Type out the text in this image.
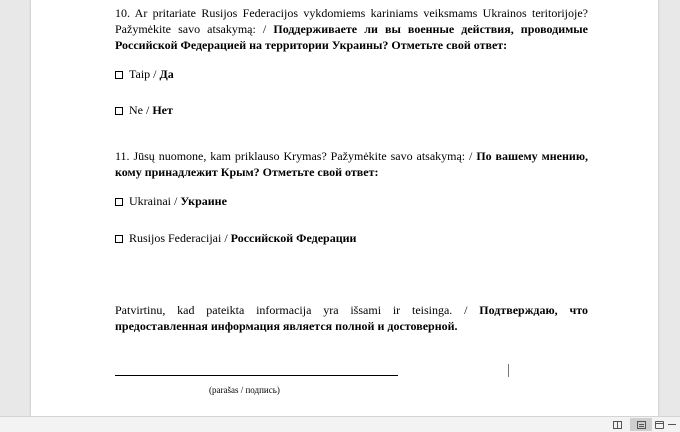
10. Ar pritariate Rusijos Federacijos vykdomiems kariniams veiksmams Ukrainos teritorijoje? Pažymėkite savo atsakymą: / Поддерживаете ли вы военные действия, проводимые Российской Федерацией на территории Украины? Отметьте свой ответ:
Taip / Да
Ne / Нет
11. Jūsų nuomone, kam priklauso Krymas? Pažymėkite savo atsakymą: / По вашему мнению, кому принадлежит Крым? Отметьте свой ответ:
Ukrainai / Украине
Rusijos Federacijai / Российской Федерации
Patvirtinu, kad pateikta informacija yra išsami ir teisinga. / Подтверждаю, что предоставленная информация является полной и достоверной.
(parašas / подпись)
